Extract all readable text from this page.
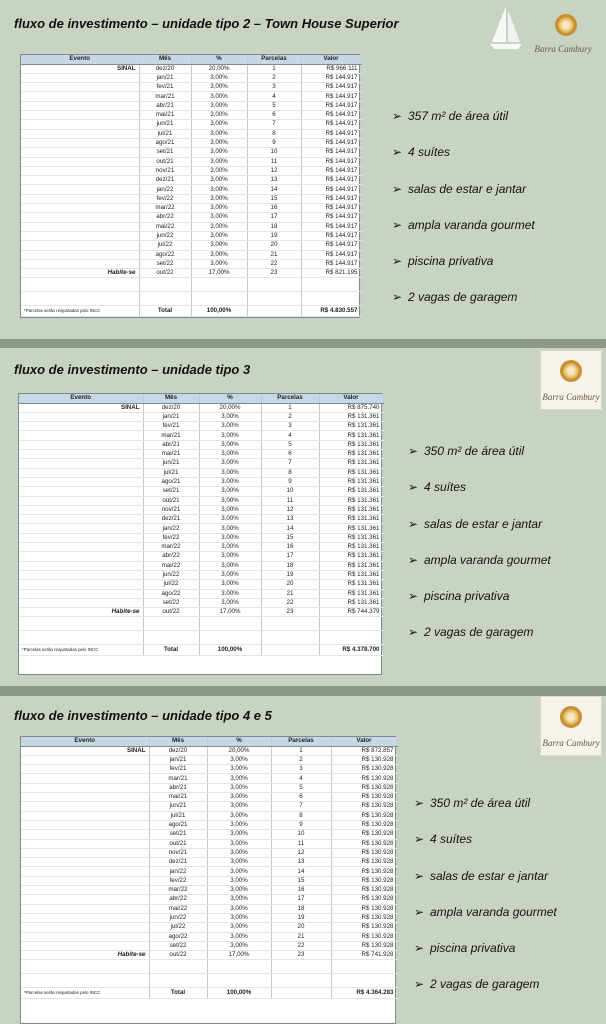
fluxo de investimento – unidade tipo 2 – Town House Superior
Barra Cambury
Evento	Mês	%	Parcelas	Valor
SINAL	dez/20	20,00%	1	R$ 966.111
	jan/21	3,00%	2	R$ 144.917
	fev/21	3,00%	3	R$ 144.917
	mar/21	3,00%	4	R$ 144.917
	abr/21	3,00%	5	R$ 144.917
	mai/21	3,00%	6	R$ 144.917
	jun/21	3,00%	7	R$ 144.917
	jul/21	3,00%	8	R$ 144.917
	ago/21	3,00%	9	R$ 144.917
	set/21	3,00%	10	R$ 144.917
	out/21	3,00%	11	R$ 144.917
	nov/21	3,00%	12	R$ 144.917
	dez/21	3,00%	13	R$ 144.917
	jan/22	3,00%	14	R$ 144.917
	fev/22	3,00%	15	R$ 144.917
	mar/22	3,00%	16	R$ 144.917
	abr/22	3,00%	17	R$ 144.917
	mai/22	3,00%	18	R$ 144.917
	jun/22	3,00%	19	R$ 144.917
	jul/22	3,00%	20	R$ 144.917
	ago/22	3,00%	21	R$ 144.917
	set/22	3,00%	22	R$ 144.917
Habite-se	out/22	17,00%	23	R$ 821.195

*Parcelas serão reajustadas pelo INCC	Total	100,00%		R$ 4.830.557
➢ 357 m² de área útil
➢ 4 suítes
➢ salas de estar e jantar
➢ ampla varanda gourmet
➢ piscina privativa
➢ 2 vagas de garagem
fluxo de investimento – unidade tipo 3
Barra Cambury
Evento	Mês	%	Parcelas	Valor
SINAL	dez/20	20,00%	1	R$ 875.740
	jan/21	3,00%	2	R$ 131.361
	fev/21	3,00%	3	R$ 131.361
	mar/21	3,00%	4	R$ 131.361
	abr/21	3,00%	5	R$ 131.361
	mai/21	3,00%	6	R$ 131.361
	jun/21	3,00%	7	R$ 131.361
	jul/21	3,00%	8	R$ 131.361
	ago/21	3,00%	9	R$ 131.361
	set/21	3,00%	10	R$ 131.361
	out/21	3,00%	11	R$ 131.361
	nov/21	3,00%	12	R$ 131.361
	dez/21	3,00%	13	R$ 131.361
	jan/22	3,00%	14	R$ 131.361
	fev/22	3,00%	15	R$ 131.361
	mar/22	3,00%	16	R$ 131.361
	abr/22	3,00%	17	R$ 131.361
	mai/22	3,00%	18	R$ 131.361
	jun/22	3,00%	19	R$ 131.361
	jul/22	3,00%	20	R$ 131.361
	ago/22	3,00%	21	R$ 131.361
	set/22	3,00%	22	R$ 131.361
Habite-se	out/22	17,00%	23	R$ 744.379

*Parcelas serão reajustadas pelo INCC	Total	100,00%		R$ 4.378.700
➢ 350 m² de área útil
➢ 4 suítes
➢ salas de estar e jantar
➢ ampla varanda gourmet
➢ piscina privativa
➢ 2 vagas de garagem
fluxo de investimento – unidade tipo 4 e 5
Barra Cambury
Evento	Mês	%	Parcelas	Valor
SINAL	dez/20	20,00%	1	R$ 872.857
	jan/21	3,00%	2	R$ 130.928
	fev/21	3,00%	3	R$ 130.928
	mar/21	3,00%	4	R$ 130.928
	abr/21	3,00%	5	R$ 130.928
	mai/21	3,00%	6	R$ 130.928
	jun/21	3,00%	7	R$ 130.928
	jul/21	3,00%	8	R$ 130.928
	ago/21	3,00%	9	R$ 130.928
	set/21	3,00%	10	R$ 130.928
	out/21	3,00%	11	R$ 130.928
	nov/21	3,00%	12	R$ 130.928
	dez/21	3,00%	13	R$ 130.928
	jan/22	3,00%	14	R$ 130.928
	fev/22	3,00%	15	R$ 130.928
	mar/22	3,00%	16	R$ 130.928
	abr/22	3,00%	17	R$ 130.928
	mai/22	3,00%	18	R$ 130.928
	jun/22	3,00%	19	R$ 130.928
	jul/22	3,00%	20	R$ 130.928
	ago/22	3,00%	21	R$ 130.928
	set/22	3,00%	22	R$ 130.928
Habite-se	out/22	17,00%	23	R$ 741.928

*Parcelas serão reajustadas pelo INCC	Total	100,00%		R$ 4.364.283
➢ 350 m² de área útil
➢ 4 suítes
➢ salas de estar e jantar
➢ ampla varanda gourmet
➢ piscina privativa
➢ 2 vagas de garagem
